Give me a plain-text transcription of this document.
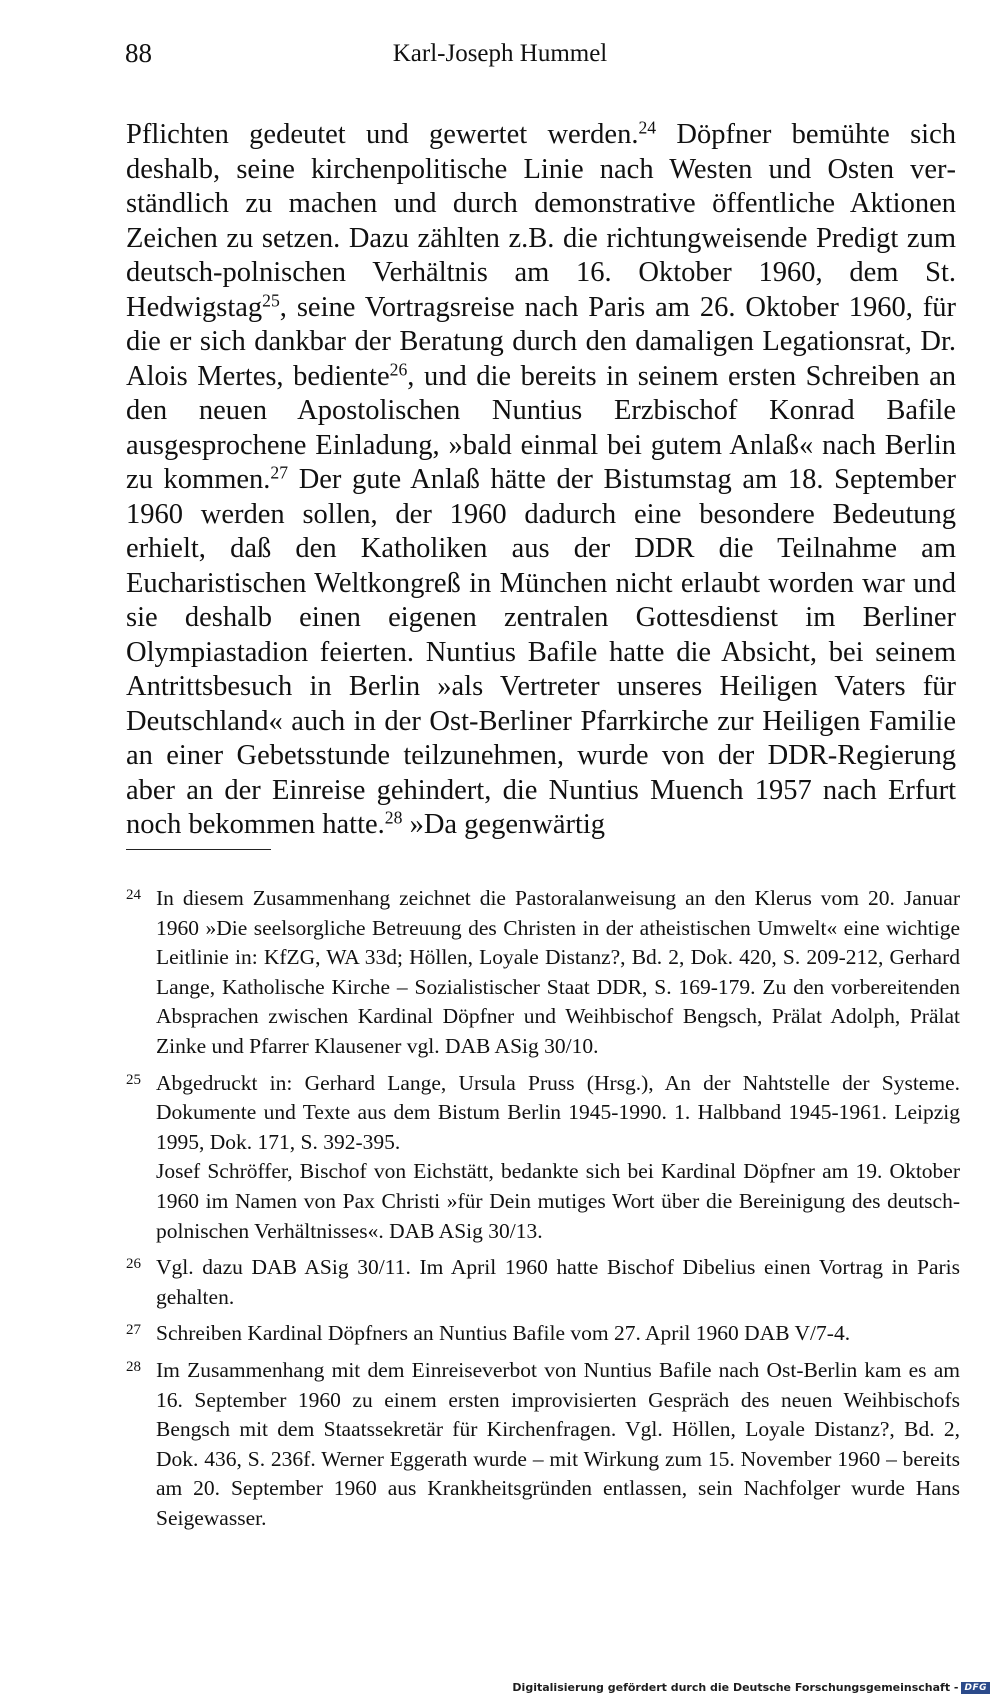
88	Karl-Joseph Hummel

Pflichten gedeutet und gewertet werden.$^{24}$ Döpfner bemühte sich deshalb, seine kirchenpolitische Linie nach Westen und Osten verständlich zu machen und durch demonstrative öffentliche Aktionen Zeichen zu setzen. Dazu zählten z.B. die richtungweisende Predigt zum deutsch-polnischen Verhältnis am 16. Oktober 1960, dem St. Hedwigstag$^{25}$, seine Vortragsreise nach Paris am 26. Oktober 1960, für die er sich dankbar der Beratung durch den damaligen Legationsrat, Dr. Alois Mertes, bediente$^{26}$, und die bereits in seinem ersten Schreiben an den neuen Apostolischen Nuntius Erzbischof Konrad Bafile ausgesprochene Einladung, »bald einmal bei gutem Anlaß« nach Berlin zu kommen.$^{27}$ Der gute Anlaß hätte der Bistumstag am 18. September 1960 werden sollen, der 1960 dadurch eine besondere Bedeutung erhielt, daß den Katholiken aus der DDR die Teilnahme am Eucharistischen Weltkongreß in München nicht erlaubt worden war und sie deshalb einen eigenen zentralen Gottesdienst im Berliner Olympiastadion feierten. Nuntius Bafile hatte die Absicht, bei seinem Antrittsbesuch in Berlin »als Vertreter unseres Heiligen Vaters für Deutschland« auch in der Ost-Berliner Pfarrkirche zur Heiligen Familie an einer Gebetsstunde teilzunehmen, wurde von der DDR-Regierung aber an der Einreise gehindert, die Nuntius Muench 1957 nach Erfurt noch bekommen hatte.$^{28}$ »Da gegenwärtig

24 In diesem Zusammenhang zeichnet die Pastoralanweisung an den Klerus vom 20. Januar 1960 »Die seelsorgliche Betreuung des Christen in der atheistischen Umwelt« eine wichtige Leitlinie in: KfZG, WA 33d; Höllen, Loyale Distanz?, Bd. 2, Dok. 420, S. 209-212, Gerhard Lange, Katholische Kirche – Sozialistischer Staat DDR, S. 169-179. Zu den vorbereitenden Absprachen zwischen Kardinal Döpfner und Weihbischof Bengsch, Prälat Adolph, Prälat Zinke und Pfarrer Klausener vgl. DAB ASig 30/10.

25 Abgedruckt in: Gerhard Lange, Ursula Pruss (Hrsg.), An der Nahtstelle der Systeme. Dokumente und Texte aus dem Bistum Berlin 1945-1990. 1. Halbband 1945-1961. Leipzig 1995, Dok. 171, S. 392-395.

Josef Schröffer, Bischof von Eichstätt, bedankte sich bei Kardinal Döpfner am 19. Oktober 1960 im Namen von Pax Christi »für Dein mutiges Wort über die Bereinigung des deutsch-polnischen Verhältnisses«. DAB ASig 30/13.

26 Vgl. dazu DAB ASig 30/11. Im April 1960 hatte Bischof Dibelius einen Vortrag in Paris gehalten.

27 Schreiben Kardinal Döpfners an Nuntius Bafile vom 27. April 1960 DAB V/7-4.

28 Im Zusammenhang mit dem Einreiseverbot von Nuntius Bafile nach Ost-Berlin kam es am 16. September 1960 zu einem ersten improvisierten Gespräch des neuen Weihbischofs Bengsch mit dem Staatssekretär für Kirchenfragen. Vgl. Höllen, Loyale Distanz?, Bd. 2, Dok. 436, S. 236f. Werner Eggerath wurde – mit Wirkung zum 15. November 1960 – bereits am 20. September 1960 aus Krankheitsgründen entlassen, sein Nachfolger wurde Hans Seigewasser.

Digitalisierung gefördert durch die Deutsche Forschungsgemeinschaft - DFG
